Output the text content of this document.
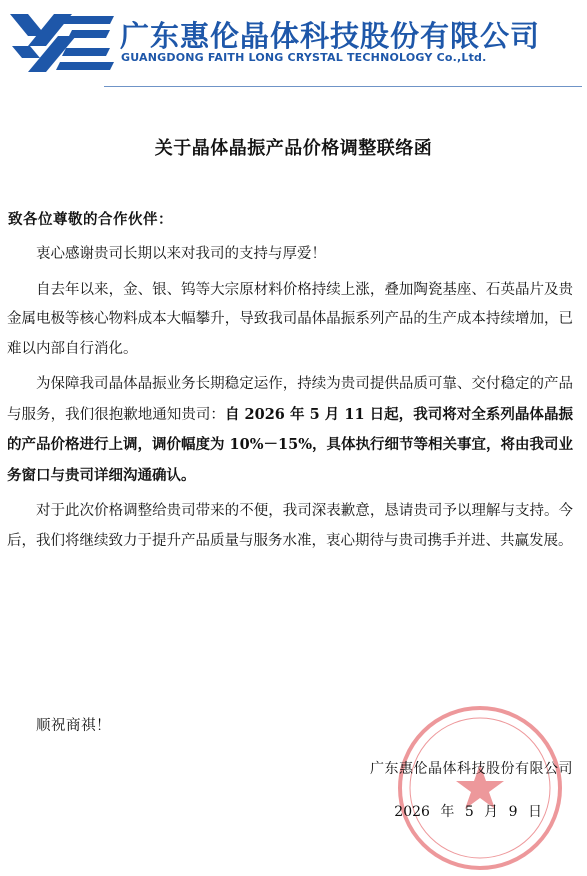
广东惠伦晶体科技股份有限公司
GUANGDONG FAITH LONG CRYSTAL TECHNOLOGY Co.,Ltd.
关于晶体晶振产品价格调整联络函
致各位尊敬的合作伙伴：

衷心感谢贵司长期以来对我司的支持与厚爱！

自去年以来，金、银、钨等大宗原材料价格持续上涨，叠加陶瓷基座、石英晶片及贵金属电极等核心物料成本大幅攀升，导致我司晶体晶振系列产品的生产成本持续增加，已难以内部自行消化。

为保障我司晶体晶振业务长期稳定运作，持续为贵司提供品质可靠、交付稳定的产品与服务，我们很抱歉地通知贵司：自 2026 年 5 月 11 日起，我司将对全系列晶体晶振的产品价格进行上调，调价幅度为 10%－15%，具体执行细节等相关事宜，将由我司业务窗口与贵司详细沟通确认。

对于此次价格调整给贵司带来的不便，我司深表歉意，恳请贵司予以理解与支持。今后，我们将继续致力于提升产品质量与服务水准，衷心期待与贵司携手并进、共赢发展。

顺祝商祺！
广东惠伦晶体科技股份有限公司
2026 年 5 月 9 日
